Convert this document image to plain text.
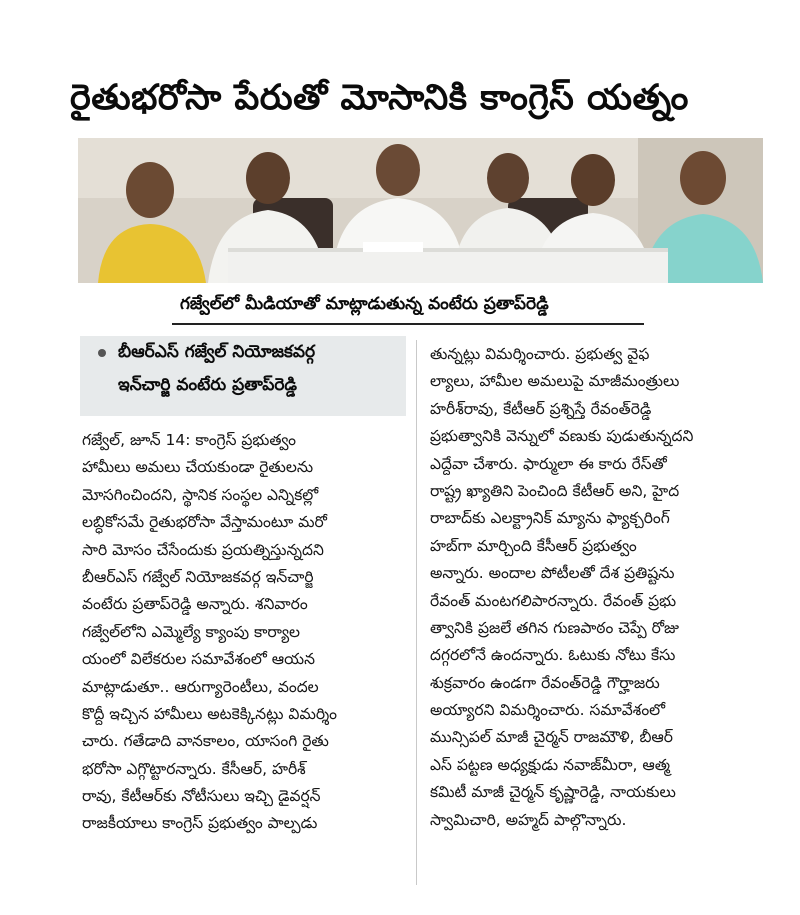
రైతుభరోసా పేరుతో మోసానికి కాంగ్రెస్ యత్నం
గజ్వేల్‌లో మీడియాతో మాట్లాడుతున్న వంటేరు ప్రతాప్‌రెడ్డి
బీఆర్ఎస్ గజ్వేల్ నియోజకవర్గ
ఇన్‌చార్జి వంటేరు ప్రతాప్‌రెడ్డి
గజ్వేల్, జూన్ 14: కాంగ్రెస్ ప్రభుత్వం
హామీలు అమలు చేయకుండా రైతులను
మోసగించిందని, స్థానిక సంస్థల ఎన్నికల్లో
లబ్ధికోసమే రైతుభరోసా వేస్తామంటూ మరో
సారి మోసం చేసేందుకు ప్రయత్నిస్తున్నదని
బీఆర్ఎస్ గజ్వేల్ నియోజకవర్గ ఇన్‌చార్జి
వంటేరు ప్రతాప్‌రెడ్డి అన్నారు. శనివారం
గజ్వేల్‌లోని ఎమ్మెల్యే క్యాంపు కార్యాల
యంలో విలేకరుల సమావేశంలో ఆయన
మాట్లాడుతూ.. ఆరుగ్యారెంటీలు, వందల
కొద్దీ ఇచ్చిన హామీలు అటకెక్కినట్లు విమర్శిం
చారు. గతేడాది వానకాలం, యాసంగి రైతు
భరోసా ఎగ్గొట్టారన్నారు. కేసీఆర్, హరీశ్
రావు, కేటీఆర్‌కు నోటీసులు ఇచ్చి డైవర్షన్
రాజకీయాలు కాంగ్రెస్ ప్రభుత్వం పాల్పడు
తున్నట్లు విమర్శించారు. ప్రభుత్వ వైఫ
ల్యాలు, హామీల అమలుపై మాజీమంత్రులు
హరీశ్‌రావు, కేటీఆర్ ప్రశ్నిస్తే రేవంత్‌రెడ్డి
ప్రభుత్వానికి వెన్నులో వణుకు పుడుతున్నదని
ఎద్దేవా చేశారు. ఫార్ములా ఈ కారు రేస్‌తో
రాష్ట్ర ఖ్యాతిని పెంచింది కేటీఆర్ అని, హైద
రాబాద్‌కు ఎలక్ట్రానిక్ మ్యాను ఫ్యాక్చరింగ్
హబ్‌గా మార్చింది కేసీఆర్ ప్రభుత్వం
అన్నారు. అందాల పోటీలతో దేశ ప్రతిష్టను
రేవంత్ మంటగలిపారన్నారు. రేవంత్ ప్రభు
త్వానికి ప్రజలే తగిన గుణపాఠం చెప్పే రోజు
దగ్గరలోనే ఉందన్నారు. ఓటుకు నోటు కేసు
శుక్రవారం ఉండగా రేవంత్‌రెడ్డి గౌర్హాజరు
అయ్యారని విమర్శించారు. సమావేశంలో
మున్సిపల్ మాజీ చైర్మన్ రాజమౌళి, బీఆర్
ఎస్ పట్టణ అధ్యక్షుడు నవాజ్‌మీరా, ఆత్మ
కమిటీ మాజీ చైర్మన్ కృష్ణారెడ్డి, నాయకులు
స్వామిచారి, అహ్మద్ పాల్గొన్నారు.
